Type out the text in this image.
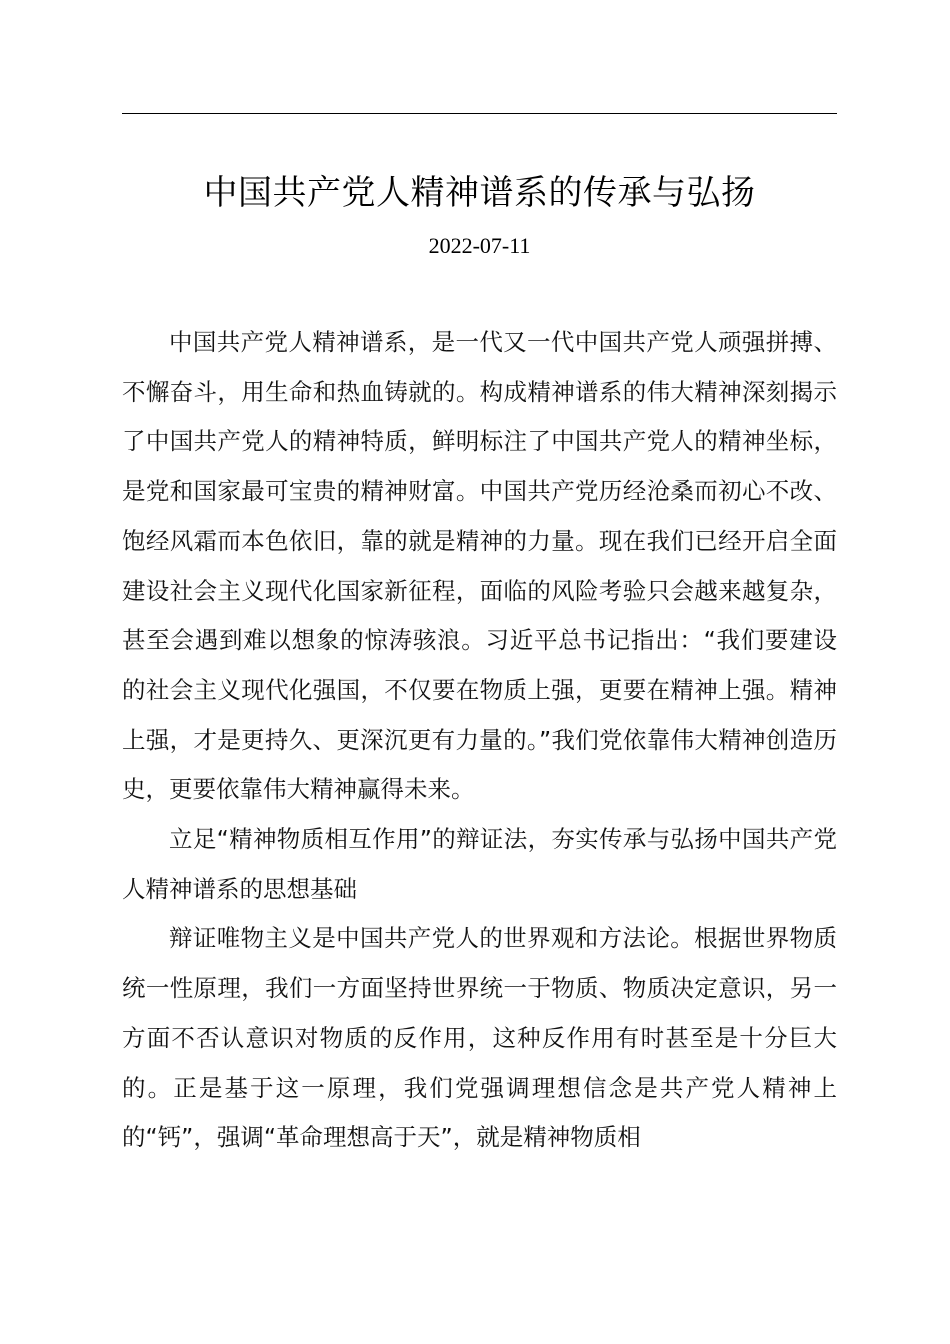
中国共产党人精神谱系的传承与弘扬
2022-07-11

中国共产党人精神谱系，是一代又一代中国共产党人顽强拼搏、不懈奋斗，用生命和热血铸就的。构成精神谱系的伟大精神深刻揭示了中国共产党人的精神特质，鲜明标注了中国共产党人的精神坐标，是党和国家最可宝贵的精神财富。中国共产党历经沧桑而初心不改、饱经风霜而本色依旧，靠的就是精神的力量。现在我们已经开启全面建设社会主义现代化国家新征程，面临的风险考验只会越来越复杂，甚至会遇到难以想象的惊涛骇浪。习近平总书记指出：“我们要建设的社会主义现代化强国，不仅要在物质上强，更要在精神上强。精神上强，才是更持久、更深沉更有力量的。”我们党依靠伟大精神创造历史，更要依靠伟大精神赢得未来。

立足“精神物质相互作用”的辩证法，夯实传承与弘扬中国共产党人精神谱系的思想基础

辩证唯物主义是中国共产党人的世界观和方法论。根据世界物质统一性原理，我们一方面坚持世界统一于物质、物质决定意识，另一方面不否认意识对物质的反作用，这种反作用有时甚至是十分巨大的。正是基于这一原理，我们党强调理想信念是共产党人精神上的“钙”，强调“革命理想高于天”，就是精神物质相
